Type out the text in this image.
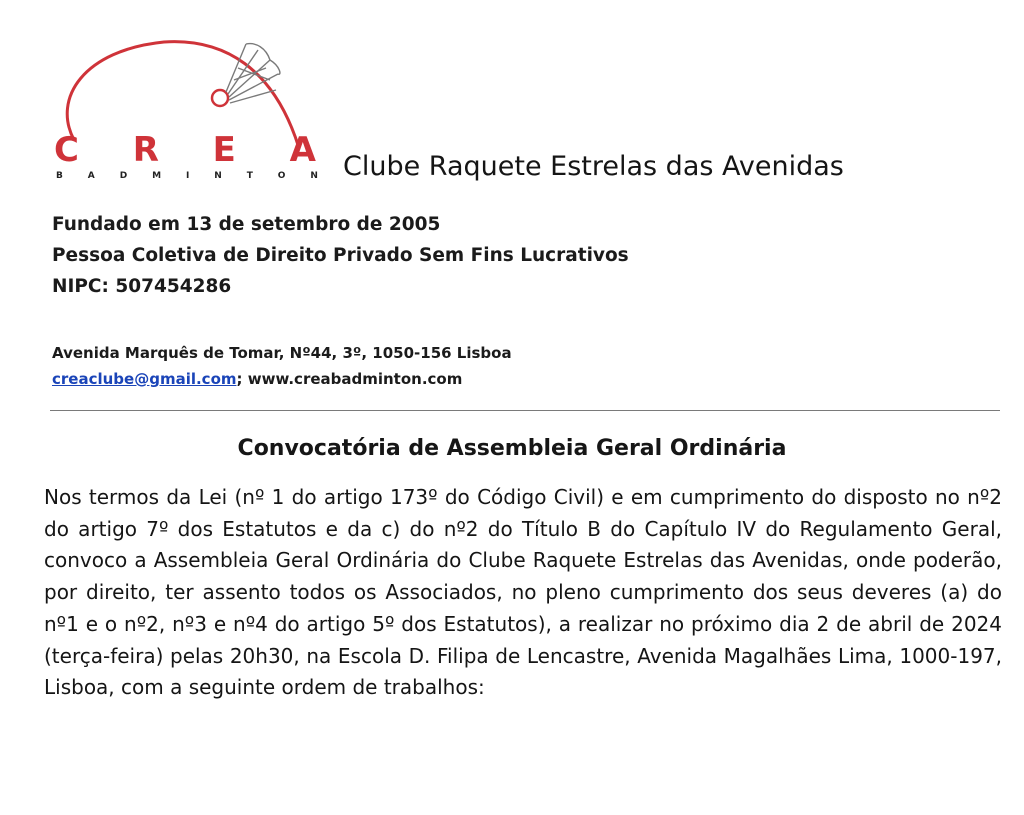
C R E A
B	A	D	M	I	N	T	O	N Clube Raquete Estrelas das Avenidas
Fundado em 13 de setembro de 2005
Pessoa Coletiva de Direito Privado Sem Fins Lucrativos
NIPC: 507454286
Avenida Marquês de Tomar, Nº44, 3º, 1050-156 Lisboa
creaclube@gmail.com; www.creabadminton.com
Convocatória de Assembleia Geral Ordinária
Nos termos da Lei (nº 1 do artigo 173º do Código Civil) e em cumprimento do disposto no nº2 do artigo 7º dos Estatutos e da c) do nº2 do Título B do Capítulo IV do Regulamento Geral, convoco a Assembleia Geral Ordinária do Clube Raquete Estrelas das Avenidas, onde poderão, por direito, ter assento todos os Associados, no pleno cumprimento dos seus deveres (a) do nº1 e o nº2, nº3 e nº4 do artigo 5º dos Estatutos), a realizar no próximo dia 2 de abril de 2024 (terça-feira) pelas 20h30, na Escola D. Filipa de Lencastre, Avenida Magalhães Lima, 1000-197, Lisboa, com a seguinte ordem de trabalhos:
